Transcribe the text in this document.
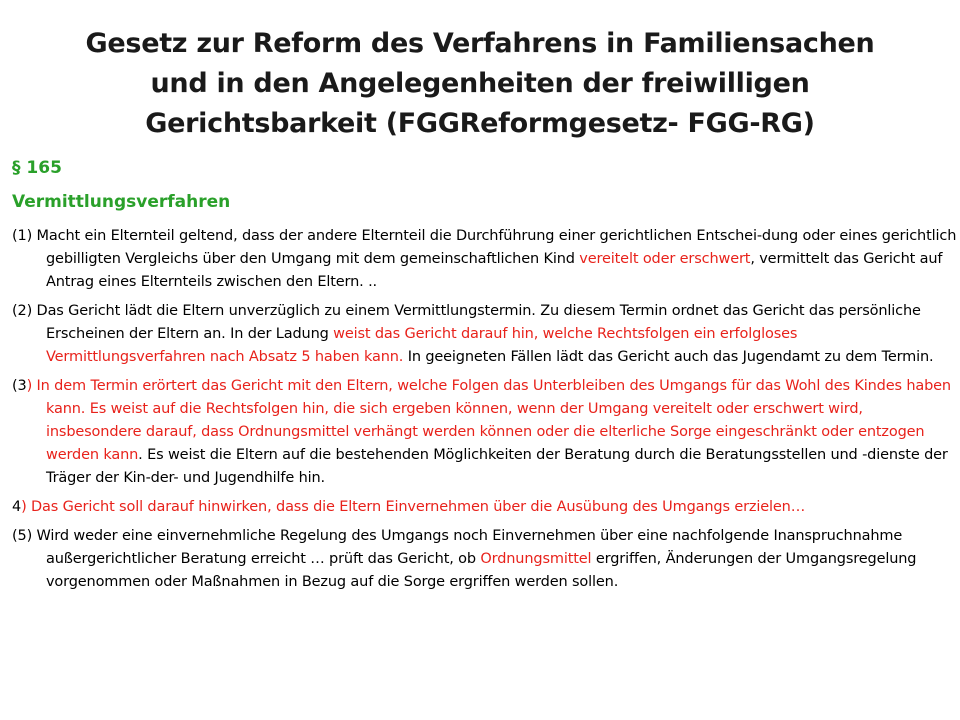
Gesetz zur Reform des Verfahrens in Familiensachen
und in den Angelegenheiten der freiwilligen
Gerichtsbarkeit (FGGReformgesetz- FGG-RG)

§ 165

Vermittlungsverfahren

(1) Macht ein Elternteil geltend, dass der andere Elternteil die Durchführung einer gerichtlichen Entschei-dung oder eines gerichtlich gebilligten Vergleichs über den Umgang mit dem gemeinschaftlichen Kind vereitelt oder erschwert, vermittelt das Gericht auf Antrag eines Elternteils zwischen den Eltern. ..

(2) Das Gericht lädt die Eltern unverzüglich zu einem Vermittlungstermin. Zu diesem Termin ordnet das Gericht das persönliche Erscheinen der Eltern an. In der Ladung weist das Gericht darauf hin, welche Rechtsfolgen ein erfolgloses Vermittlungsverfahren nach Absatz 5 haben kann. In geeigneten Fällen lädt das Gericht auch das Jugendamt zu dem Termin.

(3) In dem Termin erörtert das Gericht mit den Eltern, welche Folgen das Unterbleiben des Umgangs für das Wohl des Kindes haben kann. Es weist auf die Rechtsfolgen hin, die sich ergeben können, wenn der Umgang vereitelt oder erschwert wird, insbesondere darauf, dass Ordnungsmittel verhängt werden können oder die elterliche Sorge eingeschränkt oder entzogen werden kann. Es weist die Eltern auf die bestehenden Möglichkeiten der Beratung durch die Beratungsstellen und -dienste der Träger der Kin-der- und Jugendhilfe hin.

4) Das Gericht soll darauf hinwirken, dass die Eltern Einvernehmen über die Ausübung des Umgangs erzielen…

(5) Wird weder eine einvernehmliche Regelung des Umgangs noch Einvernehmen über eine nachfolgende Inanspruchnahme außergerichtlicher Beratung erreicht … prüft das Gericht, ob Ordnungsmittel ergriffen, Änderungen der Umgangsregelung vorgenommen oder Maßnahmen in Bezug auf die Sorge ergriffen werden sollen.
